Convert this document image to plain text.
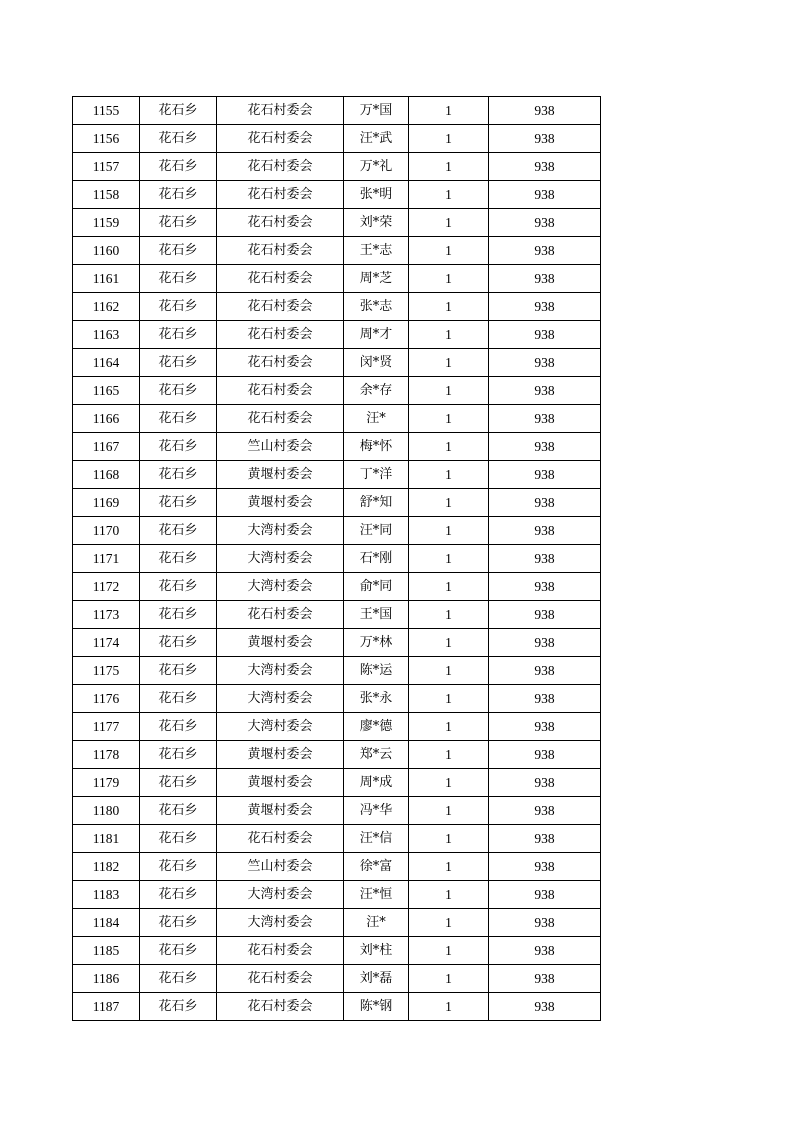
1155	花石乡	花石村委会	万*国	1	938
1156	花石乡	花石村委会	汪*武	1	938
1157	花石乡	花石村委会	万*礼	1	938
1158	花石乡	花石村委会	张*明	1	938
1159	花石乡	花石村委会	刘*荣	1	938
1160	花石乡	花石村委会	王*志	1	938
1161	花石乡	花石村委会	周*芝	1	938
1162	花石乡	花石村委会	张*志	1	938
1163	花石乡	花石村委会	周*才	1	938
1164	花石乡	花石村委会	闵*贤	1	938
1165	花石乡	花石村委会	余*存	1	938
1166	花石乡	花石村委会	汪*	1	938
1167	花石乡	竺山村委会	梅*怀	1	938
1168	花石乡	黄堰村委会	丁*洋	1	938
1169	花石乡	黄堰村委会	舒*知	1	938
1170	花石乡	大湾村委会	汪*同	1	938
1171	花石乡	大湾村委会	石*刚	1	938
1172	花石乡	大湾村委会	俞*同	1	938
1173	花石乡	花石村委会	王*国	1	938
1174	花石乡	黄堰村委会	万*林	1	938
1175	花石乡	大湾村委会	陈*运	1	938
1176	花石乡	大湾村委会	张*永	1	938
1177	花石乡	大湾村委会	廖*德	1	938
1178	花石乡	黄堰村委会	郑*云	1	938
1179	花石乡	黄堰村委会	周*成	1	938
1180	花石乡	黄堰村委会	冯*华	1	938
1181	花石乡	花石村委会	汪*信	1	938
1182	花石乡	竺山村委会	徐*富	1	938
1183	花石乡	大湾村委会	汪*恒	1	938
1184	花石乡	大湾村委会	汪*	1	938
1185	花石乡	花石村委会	刘*柱	1	938
1186	花石乡	花石村委会	刘*磊	1	938
1187	花石乡	花石村委会	陈*钢	1	938
